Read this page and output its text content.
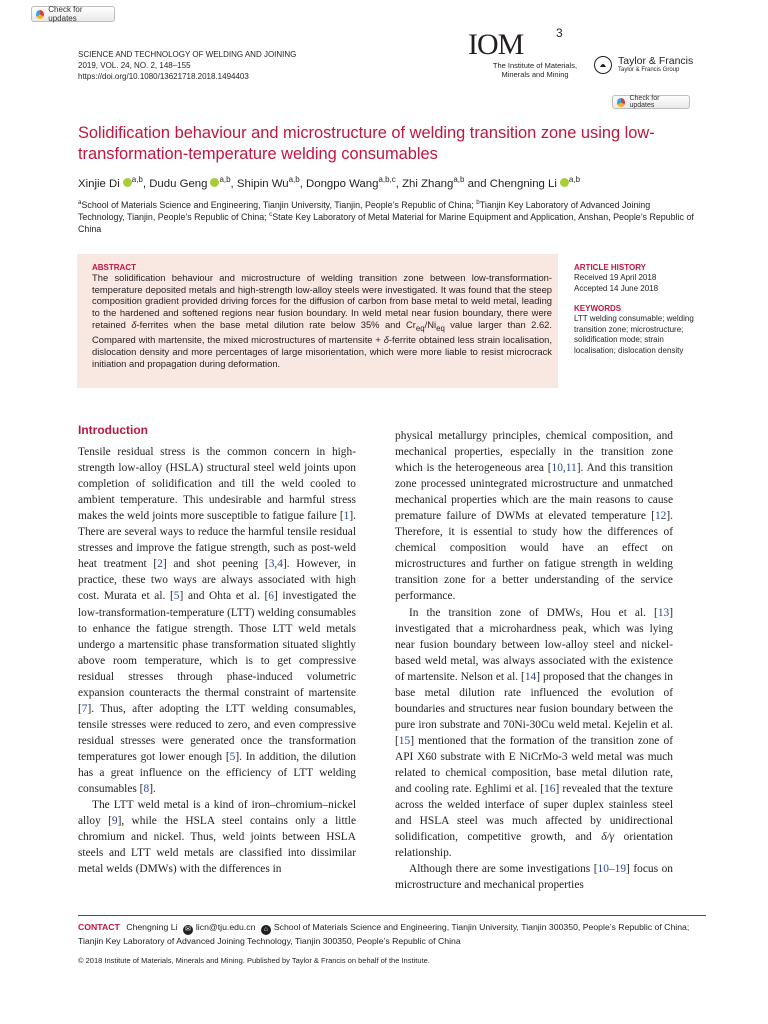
Check for updates
Check for updates
SCIENCE AND TECHNOLOGY OF WELDING AND JOINING
2019, VOL. 24, NO. 2, 148–155
https://doi.org/10.1080/13621718.2018.1494403
IOM	3
The Institute of Materials,
Minerals and Mining
Taylor & Francis
Taylor & Francis Group
Solidification behaviour and microstructure of welding transition zone using low-transformation-temperature welding consumables
Xinjie Di $^{a,b}$, Dudu Geng $^{a,b}$, Shipin Wu$^{a,b}$, Dongpo Wang$^{a,b,c}$, Zhi Zhang$^{a,b}$ and Chengning Li $^{a,b}$
$^a$School of Materials Science and Engineering, Tianjin University, Tianjin, People’s Republic of China; $^b$Tianjin Key Laboratory of Advanced Joining Technology, Tianjin, People’s Republic of China; $^c$State Key Laboratory of Metal Material for Marine Equipment and Application, Anshan, People’s Republic of China
ABSTRACT
The solidification behaviour and microstructure of welding transition zone between low-transformation-temperature deposited metals and high-strength low-alloy steels were investigated. It was found that the steep composition gradient provided driving forces for the diffusion of carbon from base metal to weld metal, leading to the hardened and softened regions near fusion boundary. In weld metal near fusion boundary, there were retained δ-ferrites when the base metal dilution rate below 35% and $Cr_{eq}/Ni_{eq}$ value larger than 2.62. Compared with martensite, the mixed microstructures of martensite + δ-ferrite obtained less strain localisation, dislocation density and more percentages of large misorientation, which were more liable to resist microcrack initiation and propagation during deformation.
ARTICLE HISTORY
Received 19 April 2018
Accepted 14 June 2018
KEYWORDS
LTT welding consumable; welding transition zone; microstructure; solidification mode; strain localisation; dislocation density
Introduction

Tensile residual stress is the common concern in high-strength low-alloy (HSLA) structural steel weld joints upon completion of solidification and till the weld cooled to ambient temperature. This undesirable and harmful stress makes the weld joints more susceptible to fatigue failure [1]. There are several ways to reduce the harmful tensile residual stresses and improve the fatigue strength, such as post-weld heat treatment [2] and shot peening [3,4]. However, in practice, these two ways are always associated with high cost. Murata et al. [5] and Ohta et al. [6] investigated the low-transformation-temperature (LTT) welding consumables to enhance the fatigue strength. Those LTT weld metals undergo a martensitic phase transformation situated slightly above room temperature, which is to get compressive residual stresses through phase-induced volumetric expansion counteracts the thermal constraint of martensite [7]. Thus, after adopting the LTT welding consumables, tensile stresses were reduced to zero, and even compressive residual stresses were generated once the transformation temperatures got lower enough [5]. In addition, the dilution has a great influence on the efficiency of LTT welding consumables [8].

The LTT weld metal is a kind of iron–chromium–nickel alloy [9], while the HSLA steel contains only a little chromium and nickel. Thus, weld joints between HSLA steels and LTT weld metals are classified into dissimilar metal welds (DMWs) with the differences in

physical metallurgy principles, chemical composition, and mechanical properties, especially in the transition zone which is the heterogeneous area [10,11]. And this transition zone processed unintegrated microstructure and unmatched mechanical properties which are the main reasons to cause premature failure of DWMs at elevated temperature [12]. Therefore, it is essential to study how the differences of chemical composition would have an effect on microstructures and further on fatigue strength in welding transition zone for a better understanding of the service performance.

In the transition zone of DMWs, Hou et al. [13] investigated that a microhardness peak, which was lying near fusion boundary between low-alloy steel and nickel-based weld metal, was always associated with the existence of martensite. Nelson et al. [14] proposed that the changes in base metal dilution rate influenced the evolution of boundaries and structures near fusion boundary between the pure iron substrate and 70Ni-30Cu weld metal. Kejelin et al. [15] mentioned that the formation of the transition zone of API X60 substrate with E NiCrMo-3 weld metal was much related to chemical composition, base metal dilution rate, and cooling rate. Eghlimi et al. [16] revealed that the texture across the welded interface of super duplex stainless steel and HSLA steel was much affected by unidirectional solidification, competitive growth, and δ/γ orientation relationship.

Although there are some investigations [10–19] focus on microstructure and mechanical properties

CONTACT Chengning Li ✉ licn@tju.edu.cn ⌂ School of Materials Science and Engineering, Tianjin University, Tianjin 300350, People’s Republic of China; Tianjin Key Laboratory of Advanced Joining Technology, Tianjin 300350, People’s Republic of China
© 2018 Institute of Materials, Minerals and Mining. Published by Taylor & Francis on behalf of the Institute.
